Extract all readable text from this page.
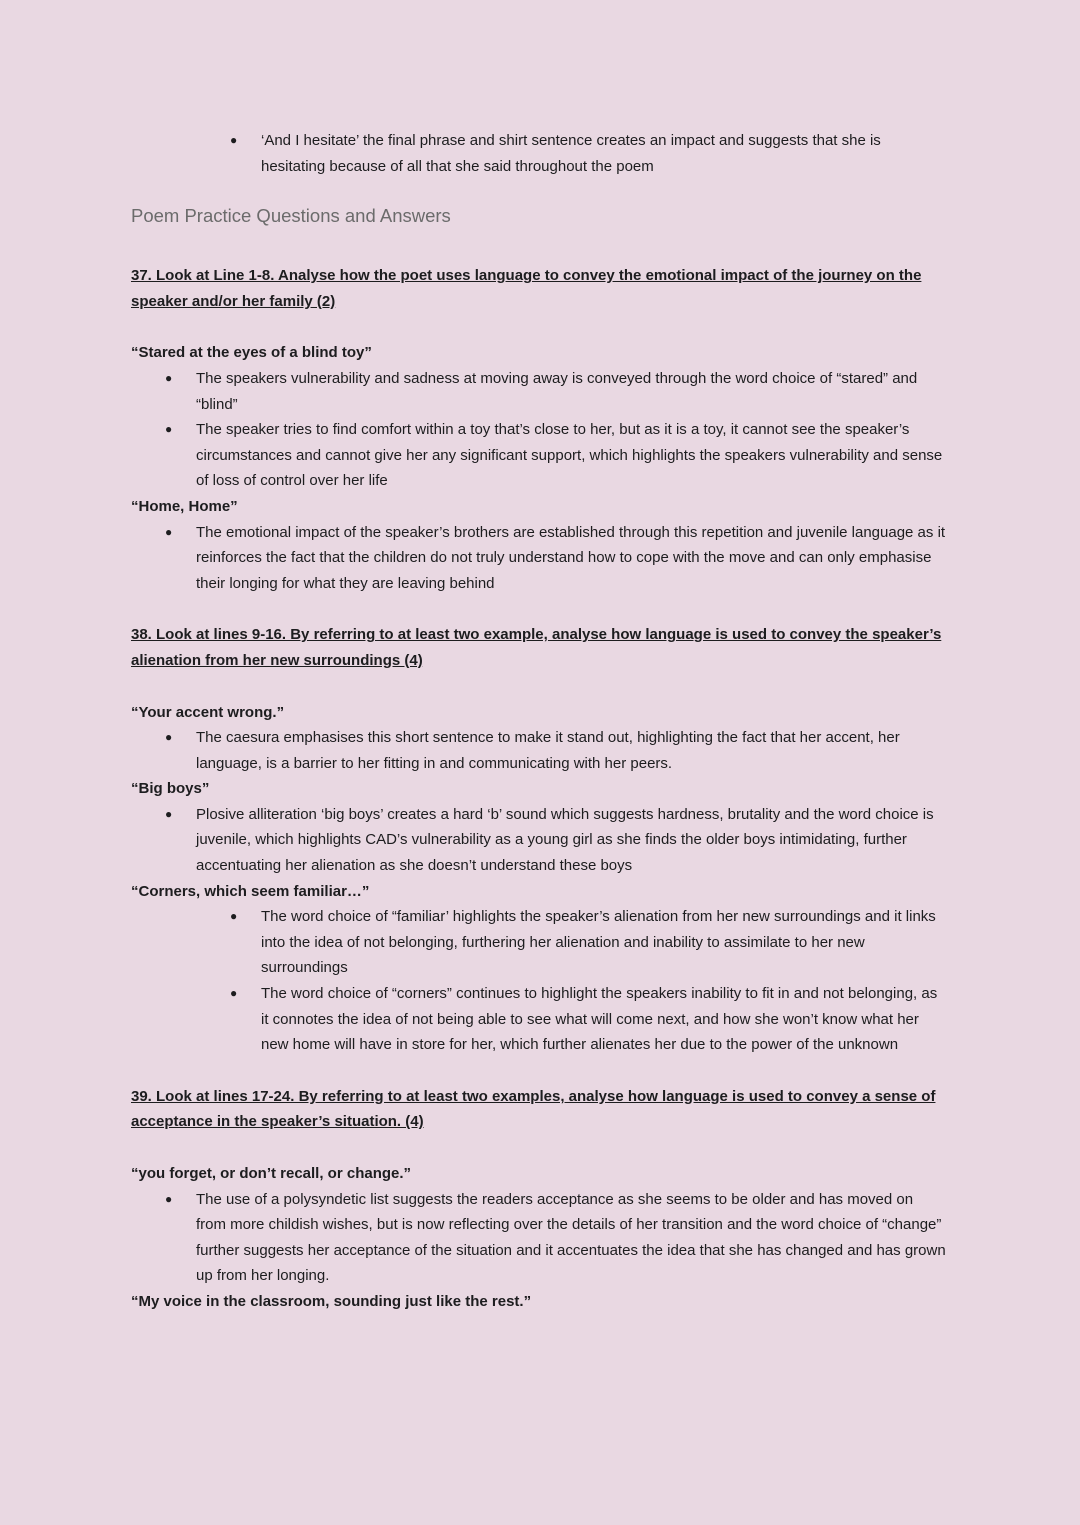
●	‘And I hesitate’ the final phrase and shirt sentence creates an impact and suggests that she is hesitating because of all that she said throughout the poem
Poem Practice Questions and Answers
37. Look at Line 1-8. Analyse how the poet uses language to convey the emotional impact of the journey on the speaker and/or her family (2)
“Stared at the eyes of a blind toy”
●	The speakers vulnerability and sadness at moving away is conveyed through the word choice of “stared” and “blind”
●	The speaker tries to find comfort within a toy that’s close to her, but as it is a toy, it cannot see the speaker’s circumstances and cannot give her any significant support, which highlights the speakers vulnerability and sense of loss of control over her life
“Home, Home”
●	The emotional impact of the speaker’s brothers are established through this repetition and juvenile language as it reinforces the fact that the children do not truly understand how to cope with the move and can only emphasise their longing for what they are leaving behind
38. Look at lines 9-16. By referring to at least two example, analyse how language is used to convey the speaker’s alienation from her new surroundings (4)
“Your accent wrong.”
●	The caesura emphasises this short sentence to make it stand out, highlighting the fact that her accent, her language, is a barrier to her fitting in and communicating with her peers.
“Big boys”
●	Plosive alliteration ‘big boys’ creates a hard ‘b’ sound which suggests hardness, brutality and the word choice is juvenile, which highlights CAD’s vulnerability as a young girl as she finds the older boys intimidating, further accentuating her alienation as she doesn’t understand these boys
“Corners, which seem familiar…”
●	The word choice of “familiar’ highlights the speaker’s alienation from her new surroundings and it links into the idea of not belonging, furthering her alienation and inability to assimilate to her new surroundings
●	The word choice of “corners” continues to highlight the speakers inability to fit in and not belonging, as it connotes the idea of not being able to see what will come next, and how she won’t know what her new home will have in store for her, which further alienates her due to the power of the unknown
39. Look at lines 17-24. By referring to at least two examples, analyse how language is used to convey a sense of acceptance in the speaker’s situation. (4)
“you forget, or don’t recall, or change.”
●	The use of a polysyndetic list suggests the readers acceptance as she seems to be older and has moved on from more childish wishes, but is now reflecting over the details of her transition and the word choice of “change” further suggests her acceptance of the situation and it accentuates the idea that she has changed and has grown up from her longing.
“My voice in the classroom, sounding just like the rest.”
